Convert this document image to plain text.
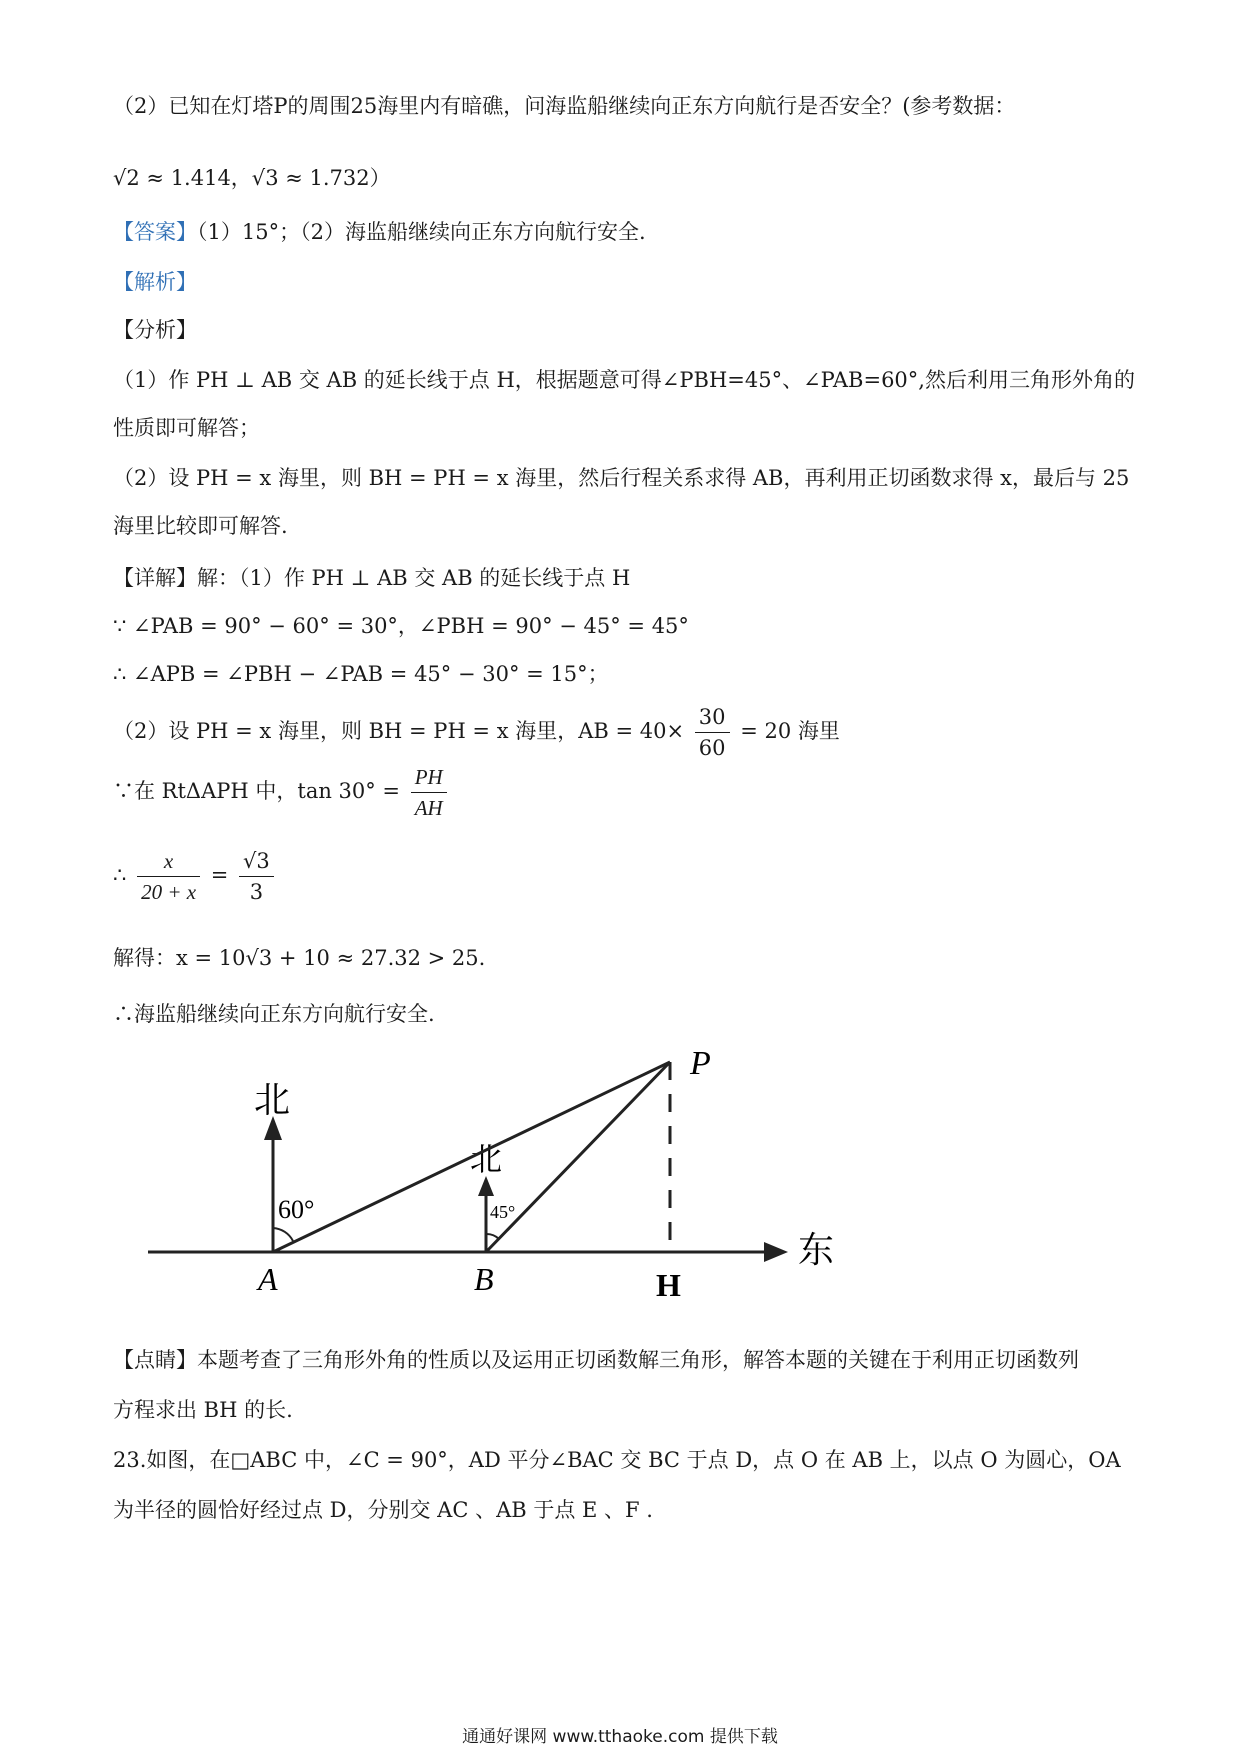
（2）已知在灯塔P的周围25海里内有暗礁，问海监船继续向正东方向航行是否安全？(参考数据：
√2 ≈ 1.414，√3 ≈ 1.732）
【答案】（1）15°；（2）海监船继续向正东方向航行安全.
【解析】
【分析】
（1）作 PH ⊥ AB 交 AB 的延长线于点 H，根据题意可得∠PBH=45°、∠PAB=60°,然后利用三角形外角的
性质即可解答；
（2）设 PH = x 海里，则 BH = PH = x 海里，然后行程关系求得 AB，再利用正切函数求得 x，最后与 25
海里比较即可解答.
【详解】解：（1）作 PH ⊥ AB 交 AB 的延长线于点 H
∵ ∠PAB = 90° − 60° = 30°，∠PBH = 90° − 45° = 45°
∴ ∠APB = ∠PBH − ∠PAB = 45° − 30° = 15°；
（2）设 PH = x 海里，则 BH = PH = x 海里，AB = $40\times \frac{30}{60} = 20$ 海里
∵在 RtΔAPH 中，$\tan 30^\circ = \frac{PH}{AH}$
∴ $\frac{x}{20 + x} = \frac{√3}{3}$
解得：x = 10√3 + 10 ≈ 27.32 > 25.
∴海监船继续向正东方向航行安全.
东
北
60°
北
45°
A	B	H
P
【点睛】本题考查了三角形外角的性质以及运用正切函数解三角形，解答本题的关键在于利用正切函数列
方程求出 BH 的长.
23.如图，在□ABC 中，∠C = 90°，AD 平分∠BAC 交 BC 于点 D，点 O 在 AB 上，以点 O 为圆心，OA
为半径的圆恰好经过点 D，分别交 AC 、AB 于点 E 、F .
通通好课网 www.tthaoke.com 提供下载
